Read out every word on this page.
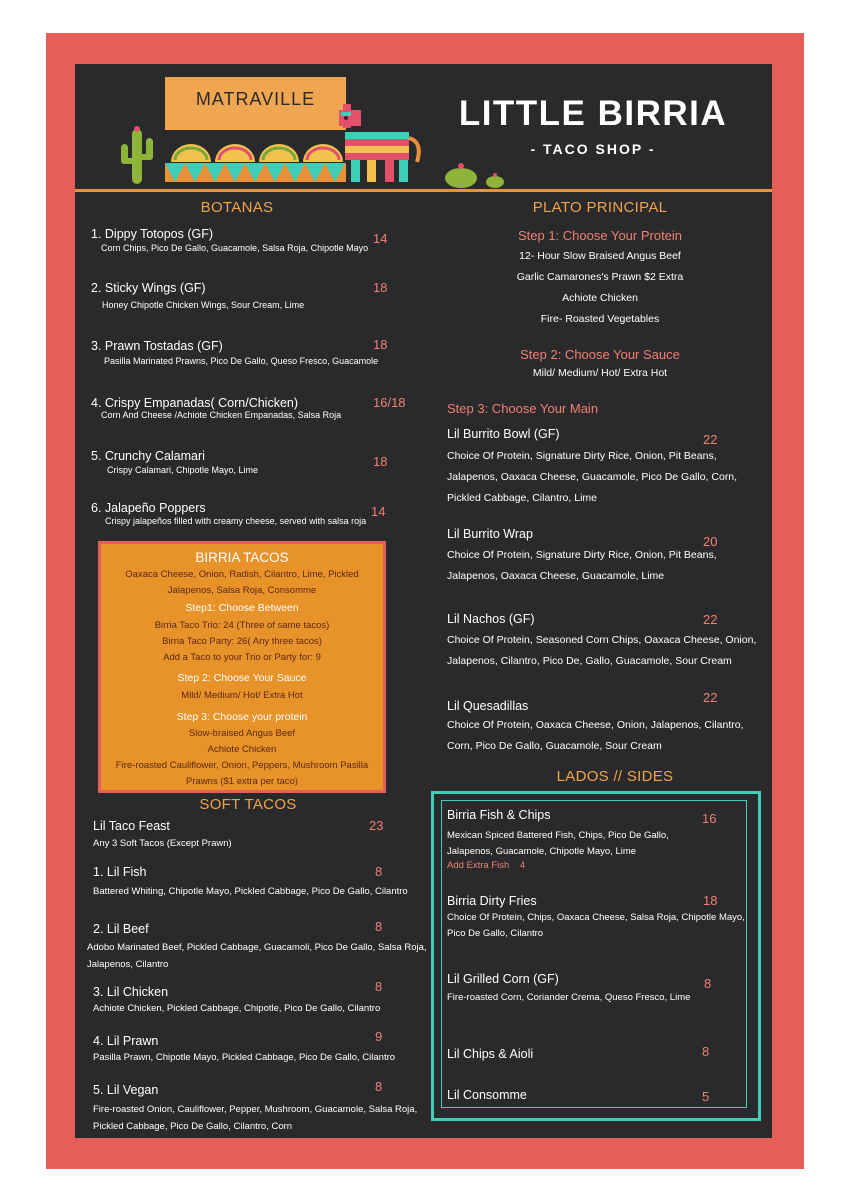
MATRAVILLE	LITTLE BIRRIA
- TACO SHOP -
BOTANAS
1. Dippy Totopos (GF)
Corn Chips, Pico De Gallo, Guacamole, Salsa Roja, Chipotle Mayo
14
2. Sticky Wings (GF)
Honey Chipotle Chicken Wings, Sour Cream, Lime
18
3. Prawn Tostadas (GF)
Pasilla Marinated Prawns, Pico De Gallo, Queso Fresco, Guacamole
18
4. Crispy Empanadas( Corn/Chicken)
Corn And Cheese /Achiote Chicken Empanadas, Salsa Roja
16/18
5. Crunchy Calamari
Crispy Calamari, Chipotle Mayo, Lime
18
6. Jalapeño Poppers
Crispy jalapeños filled with creamy cheese, served with salsa roja
14
BIRRIA TACOS
Oaxaca Cheese, Onion, Radish, Cilantro, Lime, Pickled
Jalapenos, Salsa Roja, Consomme
Step1: Choose Between
Birria Taco Trio: 24 (Three of same tacos)
Birria Taco Party: 26( Any three tacos)
Add a Taco to your Trio or Party for: 9
Step 2: Choose Your Sauce
Mild/ Medium/ Hot/ Extra Hot
Step 3: Choose your protein
Slow-braised Angus Beef
Achiote Chicken
Fire-roasted Cauliflower, Onion, Peppers, Mushroom Pasilla
Prawns ($1 extra per taco)
SOFT TACOS
Lil Taco Feast
Any 3 Soft Tacos (Except Prawn)
23
1. Lil Fish
Battered Whiting, Chipotle Mayo, Pickled Cabbage, Pico De Gallo, Cilantro
8
2. Lil Beef
Adobo Marinated Beef, Pickled Cabbage, Guacamoli, Pico De Gallo, Salsa Roja, Jalapenos, Cilantro
8
3. Lil Chicken
Achiote Chicken, Pickled Cabbage, Chipotle, Pico De Gallo, Cilantro
8
4. Lil Prawn
Pasilla Prawn, Chipotle Mayo, Pickled Cabbage, Pico De Gallo, Cilantro
9
5. Lil Vegan
Fire-roasted Onion, Cauliflower, Pepper, Mushroom, Guacamole, Salsa Roja, Pickled Cabbage, Pico De Gallo, Cilantro, Corn
8
PLATO PRINCIPAL
Step 1: Choose Your Protein
12- Hour Slow Braised Angus Beef
Garlic Camarones's Prawn $2 Extra
Achiote Chicken
Fire- Roasted Vegetables
Step 2: Choose Your Sauce
Mild/ Medium/ Hot/ Extra Hot
Step 3: Choose Your Main
Lil Burrito Bowl (GF)
Choice Of Protein, Signature Dirty Rice, Onion, Pit Beans, Jalapenos, Oaxaca Cheese, Guacamole, Pico De Gallo, Corn, Pickled Cabbage, Cilantro, Lime
22
Lil Burrito Wrap
Choice Of Protein, Signature Dirty Rice, Onion, Pit Beans, Jalapenos, Oaxaca Cheese, Guacamole, Lime
20
Lil Nachos (GF)
Choice Of Protein, Seasoned Corn Chips, Oaxaca Cheese, Onion, Jalapenos, Cilantro, Pico De, Gallo, Guacamole, Sour Cream
22
Lil Quesadillas
Choice Of Protein, Oaxaca Cheese, Onion, Jalapenos, Cilantro, Corn, Pico De Gallo, Guacamole, Sour Cream
22
LADOS // SIDES
Birria Fish & Chips
Mexican Spiced Battered Fish, Chips, Pico De Gallo, Jalapenos, Guacamole, Chipotle Mayo, Lime
Add Extra Fish    4
16
Birria Dirty Fries
Choice Of Protein, Chips, Oaxaca Cheese, Salsa Roja, Chipotle Mayo, Pico De Gallo, Cilantro
18
Lil Grilled Corn (GF)
Fire-roasted Corn, Coriander Crema, Queso Fresco, Lime
8
Lil Chips & Aioli	8
Lil Consomme	5
